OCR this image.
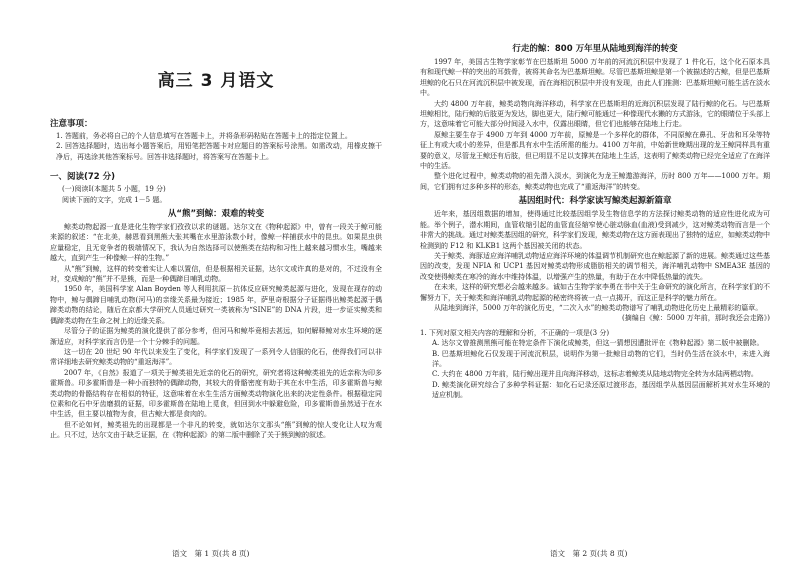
高三 3 月语文
注意事项：

1. 答题前，务必将自己的个人信息填写在答题卡上，并将条形码粘贴在答题卡上的指定位置上。

2. 回答选择题时，选出每小题答案后，用铅笔把答题卡对应题目的答案标号涂黑。如需改动，用橡皮擦干净后，再选涂其他答案标号。回答非选择题时，将答案写在答题卡上。

一、阅读(72 分)

(一)阅读Ⅰ(本题共 5 小题，19 分)

阅读下面的文字，完成 1－5 题。

从“熊”到鲸：艰难的转变

鲸类动物起源一直是进化生物学家们孜孜以求的谜题。达尔文在《物种起源》中，曾有一段关于鲸可能来源的叙述：“在北美，赫恩看到黑熊大张其嘴在水里游泳数小时，像鲸一样捕获水中的昆虫。如果昆虫供应量稳定，且无竞争者的极端情况下，我认为自然选择可以使熊类在结构和习性上越来越习惯水生，嘴越来越大，直到产生一种像鲸一样的生物。”

从“熊”到鲸，这样的转变着实让人难以置信，但是根据相关证据，达尔文或许真的是对的，不过没有全对，变成鲸的“熊”并不是熊，而是一种偶蹄目哺乳动物。

1950 年，美国科学家 Alan Boyden 等人利用抗原－抗体反应研究鲸类起源与进化，发现在现存的动物中，鲸与偶蹄目哺乳动物(河马)的亲缘关系最为接近；1985 年，萨里奇根据分子证据得出鲸类起源于偶蹄类动物的结论，随后在京都大学研究人员通过研究一类被称为“SINE”的 DNA 片段，进一步证实鲸类和偶蹄类动物在生命之树上的近缘关系。

尽管分子的证据为鲸类的演化提供了部分参考，但河马和鲸毕竟相去甚远，如何解释鲸对水生环境的逐渐适应，对科学家而言仍是一个十分棘手的问题。

这一切在 20 世纪 90 年代以来发生了变化，科学家们发现了一系列令人信服的化石，使得我们可以非常详细地去研究鲸类动物的“重返海洋”。

2007 年，《自然》报道了一项关于鲸类祖先近亲的化石的研究，研究者将这种鲸类祖先的近亲称为印多霍斯兽。印多霍斯兽是一种小而独特的偶蹄动物，其较大的骨骼密度有助于其在水中生活，印多霍斯兽与鲸类动物的骨骼结构存在相似的特征，这意味着在水生生活方面鲸类动物演化出来的决定性条件。根据稳定同位素和化石中牙齿磨损的证据，印多霍斯兽在陆地上觅食，但回到水中躲避危险，印多霍斯兽虽然适于在水中生活，但主要以植物为食，但古鲸大都是食肉的。

但不论如何，鲸类祖先的出现都是一个非凡的转变，就如达尔文那头“熊”到鲸的惊人变化让人叹为观止。只不过，达尔文由于缺乏证据，在《物种起源》的第二版中删除了关于熊到鲸的叙述。

语文　第 1 页(共 8 页)
行走的鲸：800 万年里从陆地到海洋的转变

1997 年，美国古生物学家彰节在巴基斯坦 5000 万年前的河流沉积层中发现了 1 件化石，这个化石原本具有和现代鲸一样的突出的耳鼓骨，被将其命名为巴基斯坦鲸。尽管巴基斯坦鲸是第一个被描述的古鲸，但是巴基斯坦鲸的化石只在河流沉积层中被发现，而在海相沉积层中并没有发现，由此人们推测：巴基斯坦鲸可能生活在淡水中。

大约 4800 万年前，鲸类动物向海洋移动，科学家在巴基斯坦的近海沉积层发现了陆行鲸的化石。与巴基斯坦鲸相比，陆行鲸的后肢更为发达，脚也更大，陆行鲸可能通过一种像现代水獭的方式游泳，它的眼睛位于头部上方，这意味着它可能大部分时间浸入水中，仅露出眼睛，但它们也能够在陆地上行走。

原鲸主要生存于 4900 万年到 4000 万年前，原鲸是一个多样化的群体，不同原鲸在鼻孔、牙齿和耳朵等特征上有或大或小的差异，但是都具有水中生活所需的能力。4100 万年前，中始新世晚期出现的龙王鲸同样具有重要的意义，尽管龙王鲸还有后肢，但已明显不足以支撑其在陆地上生活，这表明了鲸类动物已经完全适应了在海洋中的生活。

整个进化过程中，鲸类动物的祖先潜入淡水，到演化为龙王鲸遨游海洋，历时 800 万年——1000 万年。期间，它们拥有过多种多样的形态，鲸类动物也完成了“重返海洋”的转变。

基因组时代：科学家读写鲸类起源新篇章

近年来，基因组数据的增加，使得通过比较基因组学及生物信息学的方法探讨鲸类动物的适应性进化成为可能。举个例子，潜水期间，血管收缩引起的血管直径缩窄使心脏动脉血(血液)受到减少，这对鲸类动物而言是一个非常大的挑战。通过对鲸类基因组的研究，科学家们发现，鲸类动物在这方面表现出了独特的适应，如鲸类动物中检测到的 F12 和 KLKB1 这两个基因被关闭的状态。

关于鲸类、海豚适应海洋哺乳动物适应海洋环境的体温调节机制研究也在鲸起源了新的进展。鲸类通过这些基因的改变，发现 NFIA 和 UCP1 基因对鲸类动物形成脂肪相关的调节相关，海洋哺乳动物中 SMEA3E 基因的改变使得鲸类在寒冷的海水中维持体温，以增强产生的热量，有助于在水中降低热量的流失。

在未来，这样的研究想必会越来越多。诚如古生物学家李勇在书中关于生命研究的演化所言，在科学家们的不懈努力下，关于鲸类和海洋哺乳动物起源的秘密终将被一点一点揭开，而这正是科学的魅力所在。

从陆地到海洋，5000 万年的演化历史，“二次入水”的鲸类动物谱写了哺乳动物进化历史上最精彩的篇章。

(摘编自《鲸：5000 万年前，那时我还会走路》)

1. 下列对原文相关内容的理解和分析，不正确的一项是(3 分)

A. 达尔文曾推测黑熊可能在特定条件下演化成鲸类，但这一猜想因遭批评在《物种起源》第二版中被删除。

B. 巴基斯坦鲸化石仅发现于河流沉积层，说明作为第一批鲸目动物的它们，当时仍生活在淡水中，未进入海洋。

C. 大约在 4800 万年前，陆行鲸出现并且向海洋移动，这标志着鲸类从陆地动物完全转为水陆两栖动物。

D. 鲸类演化研究综合了多种学科证据：如化石记录还原过渡形态，基因组学从基因层面解析其对水生环境的适应机制。

语文　第 2 页(共 8 页)
